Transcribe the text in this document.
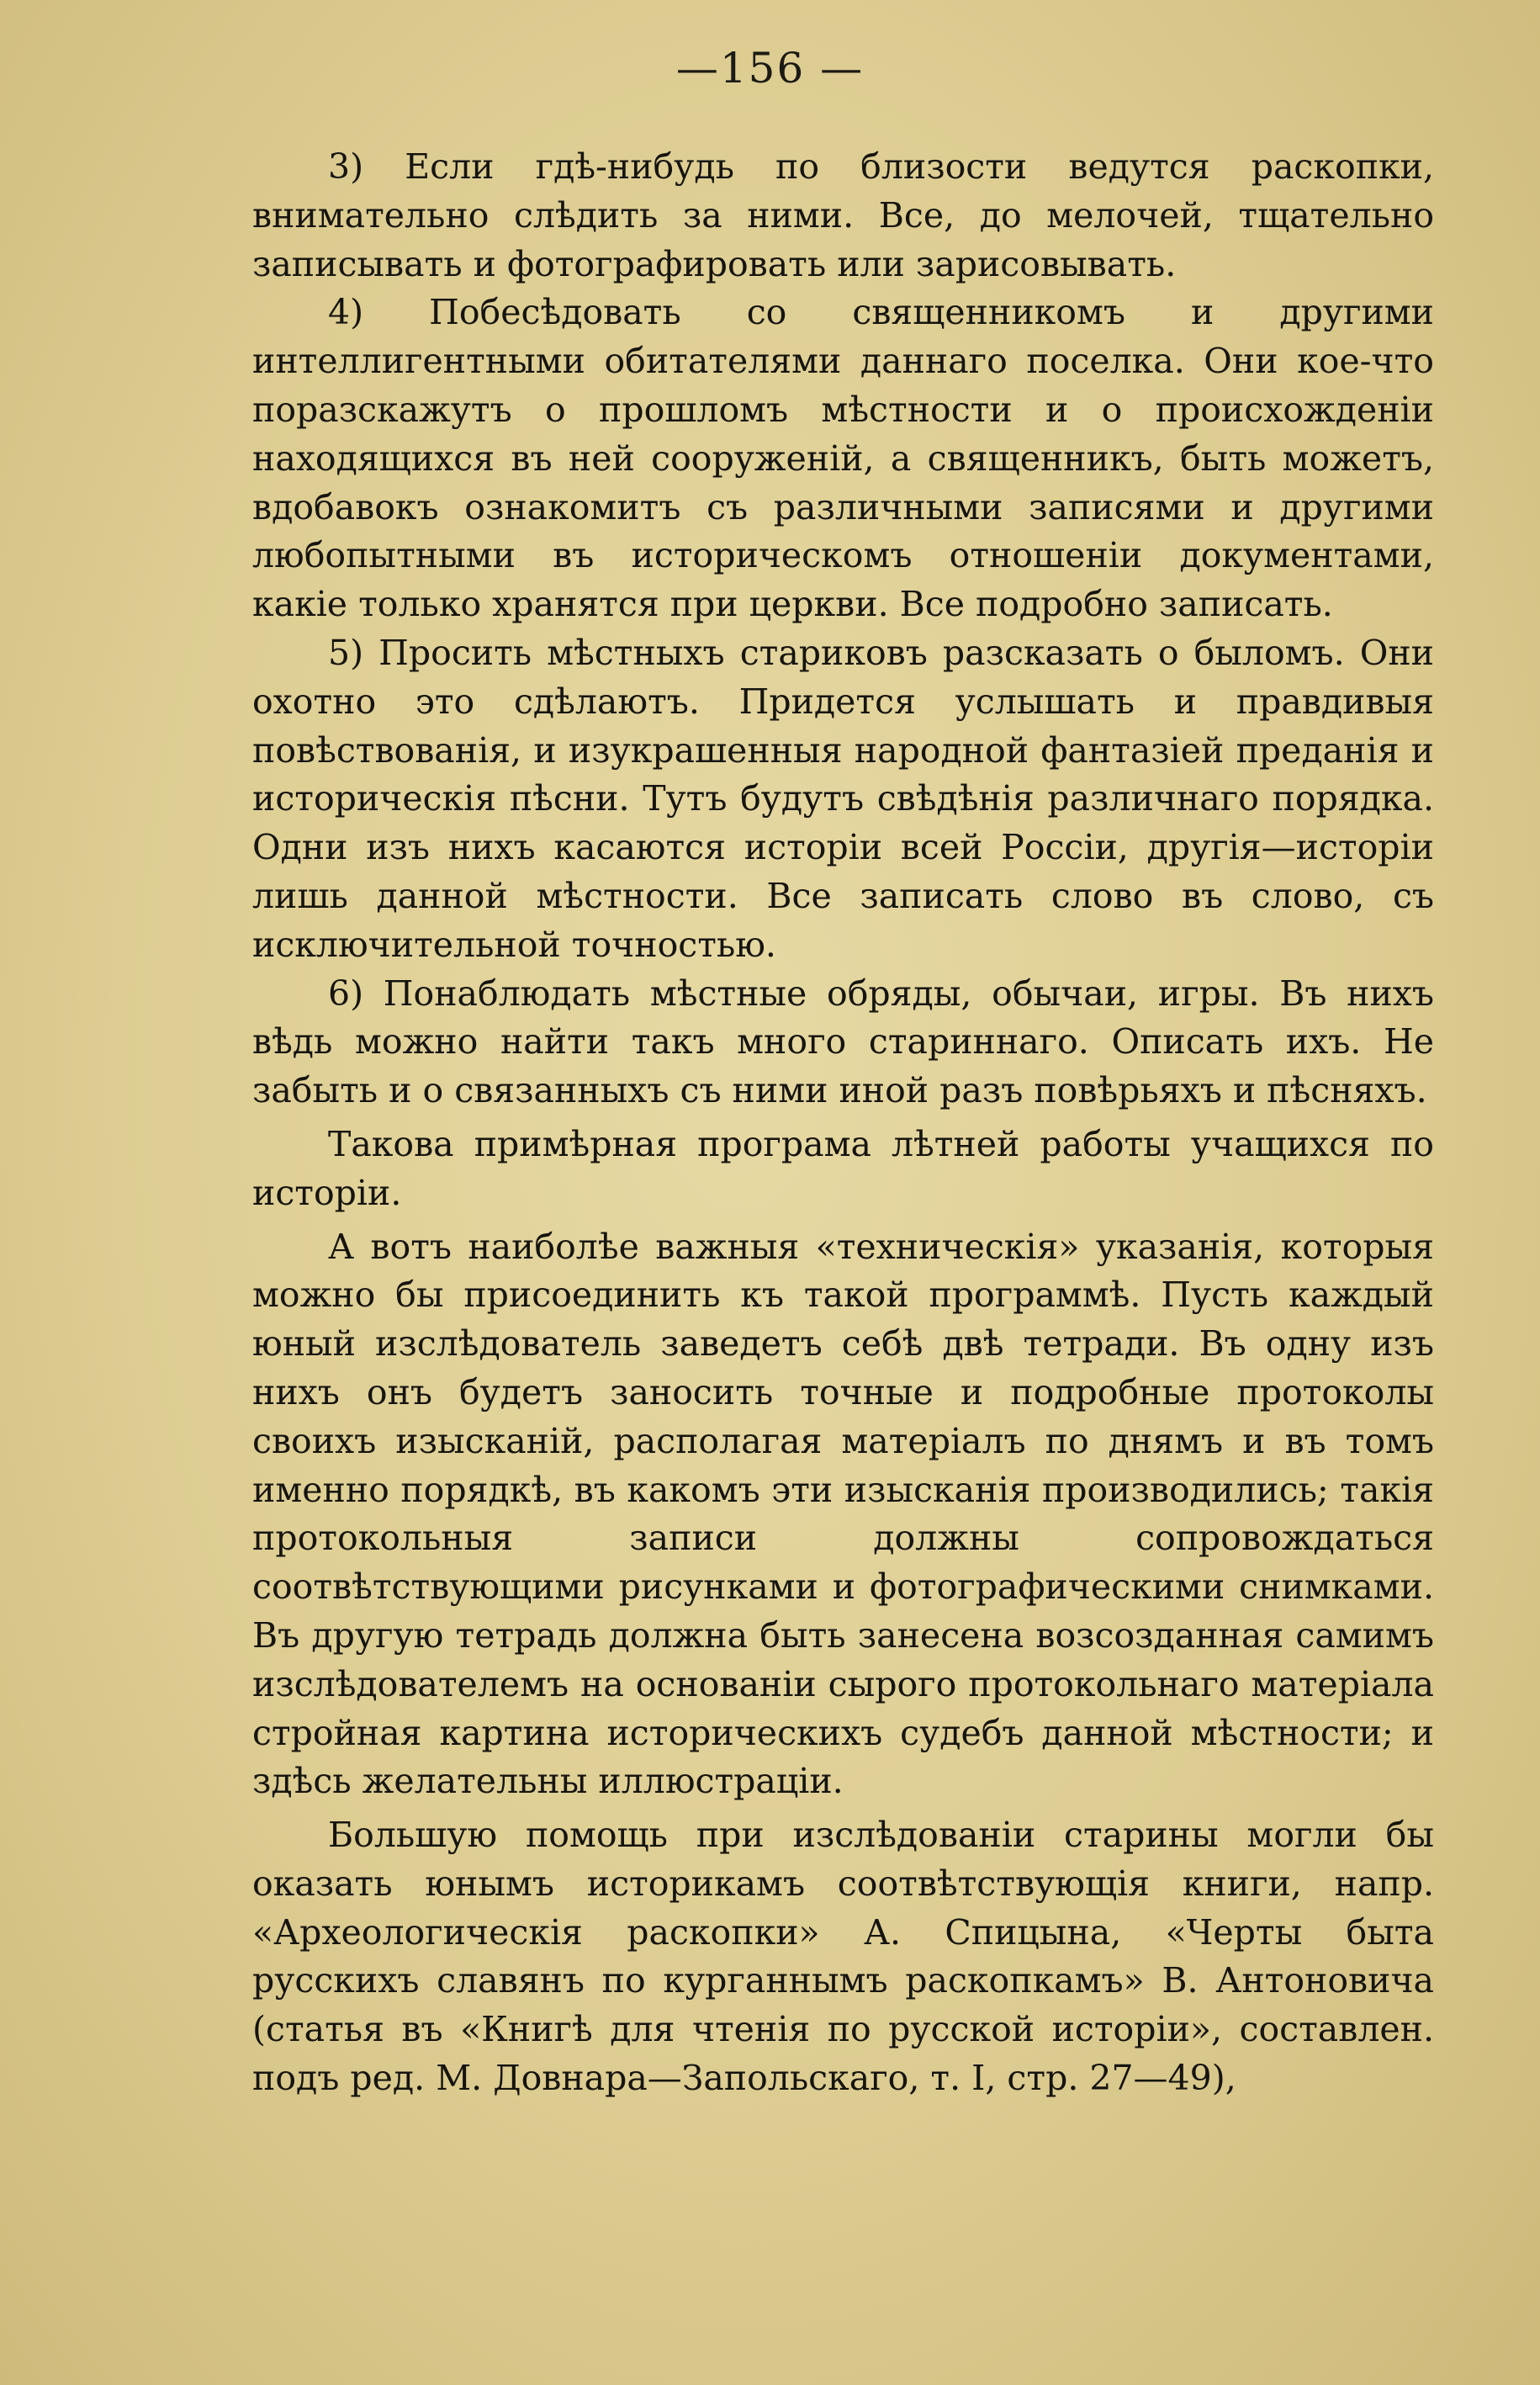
—156 —

3) Если гдѣ-нибудь по близости ведутся раскопки, внимательно слѣдить за ними. Все, до мелочей, тщательно записывать и фотографировать или зарисовывать.

4) Побесѣдовать со священникомъ и другими интеллигентными обитателями даннаго поселка. Они кое-что поразскажутъ о прошломъ мѣстности и о происхожденіи находящихся въ ней сооруженій, а священникъ, быть можетъ, вдобавокъ ознакомитъ съ различными записями и другими любопытными въ историческомъ отношеніи документами, какіе только хранятся при церкви. Все подробно записать.

5) Просить мѣстныхъ стариковъ разсказать о быломъ. Они охотно это сдѣлаютъ. Придется услышать и правдивыя повѣствованія, и изукрашенныя народной фантазіей преданія и историческія пѣсни. Тутъ будутъ свѣдѣнія различнаго порядка. Одни изъ нихъ касаются исторіи всей Россіи, другія—исторіи лишь данной мѣстности. Все записать слово въ слово, съ исключительной точностью.

6) Понаблюдать мѣстные обряды, обычаи, игры. Въ нихъ вѣдь можно найти такъ много стариннаго. Описать ихъ. Не забыть и о связанныхъ съ ними иной разъ повѣрьяхъ и пѣсняхъ.

Такова примѣрная програма лѣтней работы учащихся по исторіи.

А вотъ наиболѣе важныя «техническія» указанія, которыя можно бы присоединить къ такой программѣ. Пусть каждый юный изслѣдователь заведетъ себѣ двѣ тетради. Въ одну изъ нихъ онъ будетъ заносить точные и подробные протоколы своихъ изысканій, располагая матеріалъ по днямъ и въ томъ именно порядкѣ, въ какомъ эти изысканія производились; такія протокольныя записи должны сопровождаться соотвѣтствующими рисунками и фотографическими снимками. Въ другую тетрадь должна быть занесена возсозданная самимъ изслѣдователемъ на основаніи сырого протокольнаго матеріала стройная картина историческихъ судебъ данной мѣстности; и здѣсь желательны иллюстраціи.

Большую помощь при изслѣдованіи старины могли бы оказать юнымъ историкамъ соотвѣтствующія книги, напр. «Археологическія раскопки» А. Спицына, «Черты быта русскихъ славянъ по курганнымъ раскопкамъ» В. Антоновича (статья въ «Книгѣ для чтенія по русской исторіи», составлен. подъ ред. М. Довнара—Запольскаго, т. I, стр. 27—49),
